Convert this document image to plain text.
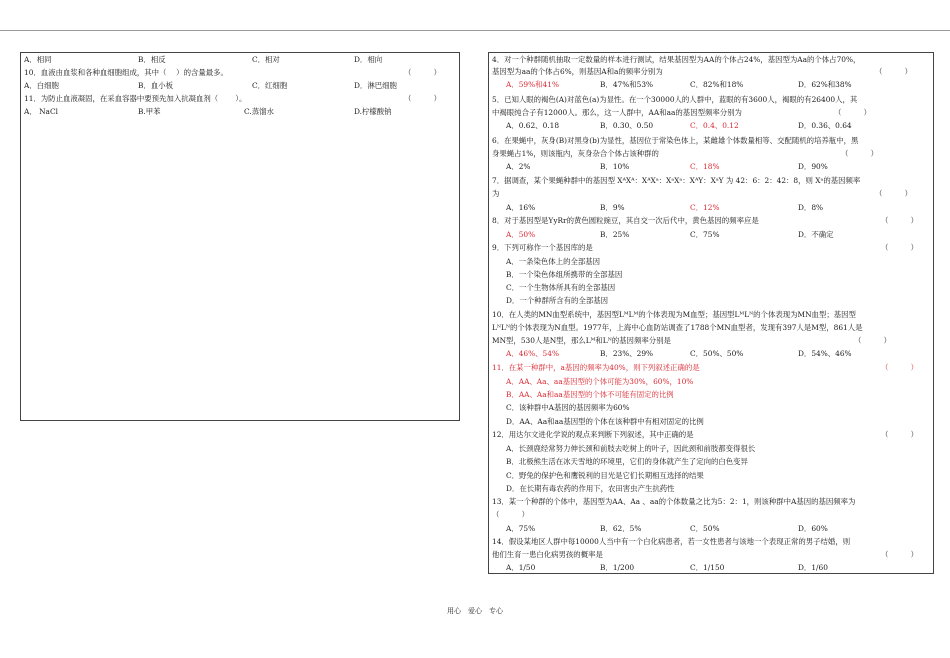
A．相同	B．相反	C．相对	D．相向
10．血液由血浆和各种血细胞组成，其中（　 ）的含量最多。	（　　　）
A．白细胞	B．血小板	C．红细胞	D．淋巴细胞
11．为防止血液凝固，在采血容器中要预先加入抗凝血剂（　 　）。	（　　　）
A． NaCl	B.甲苯	C.蒸馏水	D.柠檬酸钠
4．对一个种群随机抽取一定数量的样本进行测试，结果基因型为AA的个体占24%，基因型为Aa的个体占70%，
基因型为aa的个体占6%，则基因A和a的频率分别为	（　　　）
A．59%和41%	B．47%和53%	C．82%和18%	D．62%和38%
5．已知人眼的褐色(A)对蓝色(a)为显性。在一个30000人的人群中，蓝眼的有3600人，褐眼的有26400人，其
中褐眼纯合子有12000人。那么，这一人群中，AA和aa的基因型频率分别为	（　　　）
A．0.62、0.18	B．0.30、0.50	C．0.4、0.12	D．0.36、0.64
6．在果蝇中，灰身(B)对黑身(b)为显性，基因位于常染色体上，某雌雄个体数量相等、交配随机的培养瓶中，黑
身果蝇占1%，则该瓶内，灰身杂合个体占该种群的	（　　　）
A．2%	B．10%	C．18%	D．90%
7．据调查，某个果蝇种群中的基因型 XᴬXᴬ：XᴬXᵃ：XᵃXᵃ：XᴬY：XᵃY 为 42：6：2：42：8，则 Xᵃ的基因频率
为	（　　　）
A．16%	B．9%	C．12%	D．8%
8．对于基因型是YyRr的黄色圆粒豌豆，其自交一次后代中，黄色基因的频率应是	（　　　）
A．50%	B．25%	C．75%	D．不确定
9．下列可称作一个基因库的是	（　　　）
A．一条染色体上的全部基因
B．一个染色体组所携带的全部基因
C．一个生物体所具有的全部基因
D．一个种群所含有的全部基因
10．在人类的MN血型系统中，基因型LᴹLᴹ的个体表现为M血型；基因型LᴹLᴺ的个体表现为MN血型；基因型
LᴺLᴺ的个体表现为N血型。1977年，上海中心血防站调查了1788个MN血型者，发现有397人是M型，861人是
MN型，530人是N型，那么Lᴹ和Lᴺ的基因频率分别是	（　　　）
A．46%、54%	B．23%、29%	C．50%、50%	D．54%、46%
11．在某一种群中，a基因的频率为40%，则下列叙述正确的是	（　　　）
A．AA、Aa、aa基因型的个体可能为30%，60%，10%
B．AA、Aa和aa基因型的个体不可能有固定的比例
C．该种群中A基因的基因频率为60%
D．AA、Aa和aa基因型的个体在该种群中有相对固定的比例
12．用达尔文进化学说的观点来判断下列叙述，其中正确的是	（　　　）
A．长颈鹿经常努力伸长颈和前肢去吃树上的叶子，因此颈和前肢都变得很长
B．北极熊生活在冰天雪地的环境里，它们的身体就产生了定向的白色变异
C．野兔的保护色和鹰锐利的目光是它们长期相互选择的结果
D．在长期有毒农药的作用下，农田害虫产生抗药性
13．某一个种群的个体中，基因型为AA、Aa 、aa的个体数量之比为5：2：1，则该种群中A基因的基因频率为
（　　　）
A．75%	B．62．5%	C．50%	D．60%
14．假设某地区人群中每10000人当中有一个白化病患者，若一女性患者与该地一个表现正常的男子结婚，则
他们生育一患白化病男孩的概率是	（　　　）
A．1/50	B．1/200	C．1/150	D．1/60
用心　爱心　专心
